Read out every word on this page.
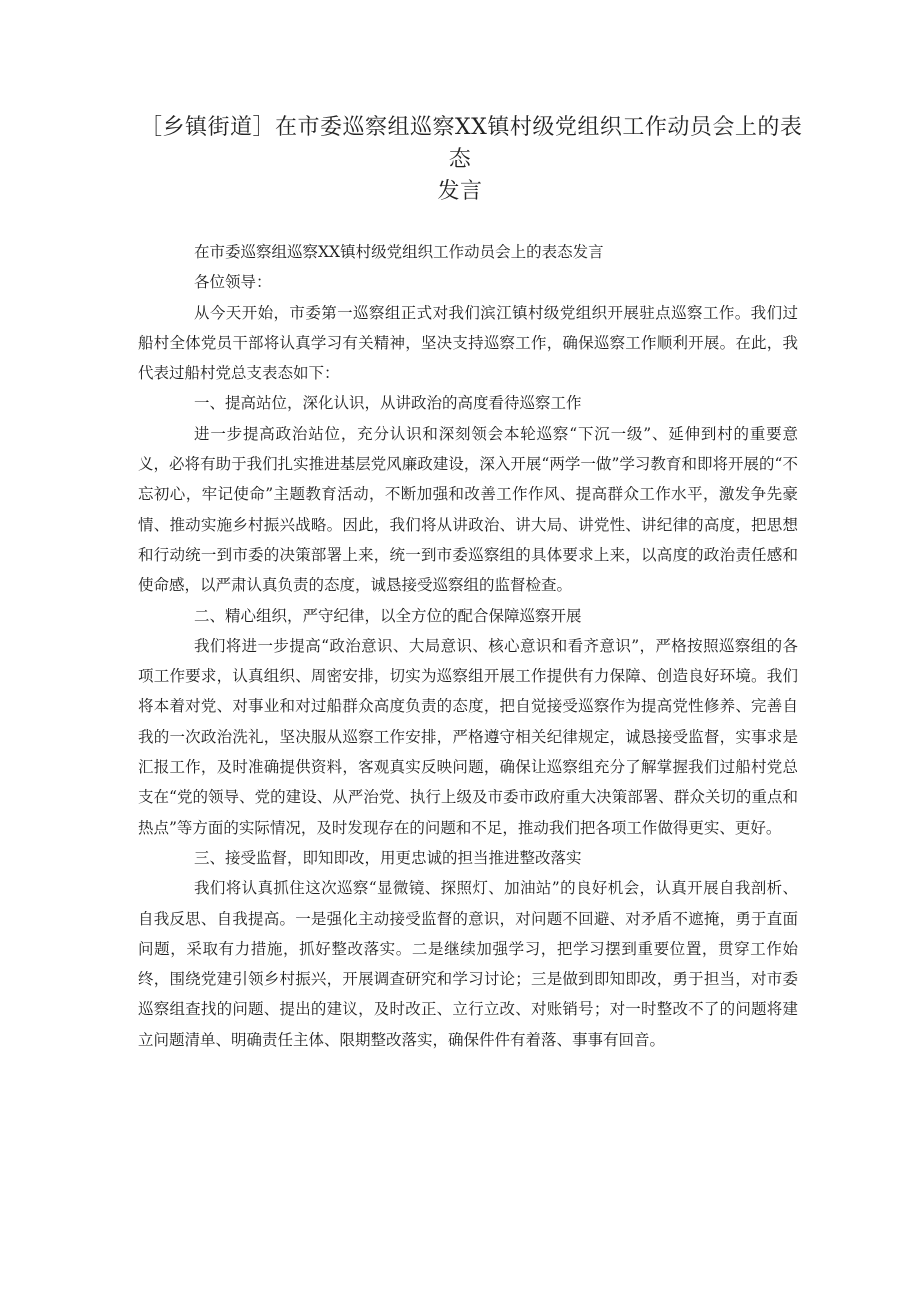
［乡镇街道］在市委巡察组巡察XX镇村级党组织工作动员会上的表

态

发言

在市委巡察组巡察XX镇村级党组织工作动员会上的表态发言

各位领导：

从今天开始，市委第一巡察组正式对我们滨江镇村级党组织开展驻点巡察工作。我们过船村全体党员干部将认真学习有关精神，坚决支持巡察工作，确保巡察工作顺利开展。在此，我代表过船村党总支表态如下：

一、提高站位，深化认识，从讲政治的高度看待巡察工作

进一步提高政治站位，充分认识和深刻领会本轮巡察“下沉一级”、延伸到村的重要意义，必将有助于我们扎实推进基层党风廉政建设，深入开展“两学一做”学习教育和即将开展的“不忘初心，牢记使命”主题教育活动，不断加强和改善工作作风、提高群众工作水平，激发争先豪情、推动实施乡村振兴战略。因此，我们将从讲政治、讲大局、讲党性、讲纪律的高度，把思想和行动统一到市委的决策部署上来，统一到市委巡察组的具体要求上来，以高度的政治责任感和使命感，以严肃认真负责的态度，诚恳接受巡察组的监督检查。

二、精心组织，严守纪律，以全方位的配合保障巡察开展

我们将进一步提高“政治意识、大局意识、核心意识和看齐意识”，严格按照巡察组的各项工作要求，认真组织、周密安排，切实为巡察组开展工作提供有力保障、创造良好环境。我们将本着对党、对事业和对过船群众高度负责的态度，把自觉接受巡察作为提高党性修养、完善自我的一次政治洗礼，坚决服从巡察工作安排，严格遵守相关纪律规定，诚恳接受监督，实事求是汇报工作，及时准确提供资料，客观真实反映问题，确保让巡察组充分了解掌握我们过船村党总支在“党的领导、党的建设、从严治党、执行上级及市委市政府重大决策部署、群众关切的重点和热点”等方面的实际情况，及时发现存在的问题和不足，推动我们把各项工作做得更实、更好。

三、接受监督，即知即改，用更忠诚的担当推进整改落实

我们将认真抓住这次巡察“显微镜、探照灯、加油站”的良好机会，认真开展自我剖析、自我反思、自我提高。一是强化主动接受监督的意识，对问题不回避、对矛盾不遮掩，勇于直面问题，采取有力措施，抓好整改落实。二是继续加强学习，把学习摆到重要位置，贯穿工作始终，围绕党建引领乡村振兴，开展调查研究和学习讨论；三是做到即知即改，勇于担当，对市委巡察组查找的问题、提出的建议，及时改正、立行立改、对账销号；对一时整改不了的问题将建立问题清单、明确责任主体、限期整改落实，确保件件有着落、事事有回音。
